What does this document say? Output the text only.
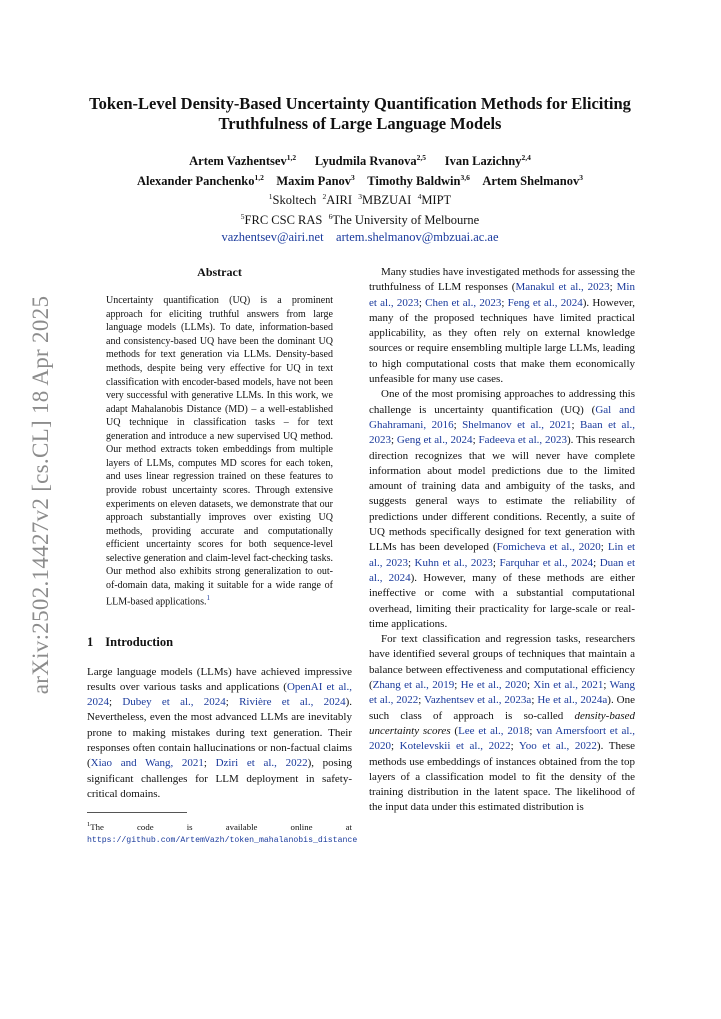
arXiv:2502.14427v2 [cs.CL] 18 Apr 2025
Token-Level Density-Based Uncertainty Quantification Methods for Eliciting Truthfulness of Large Language Models
Artem Vazhentsev$^{1,2}$   Lyudmila Rvanova$^{2,5}$   Ivan Lazichny$^{2,4}$
Alexander Panchenko$^{1,2}$  Maxim Panov$^3$  Timothy Baldwin$^{3,6}$  Artem Shelmanov$^3$
$^1$Skoltech  $^2$AIRI  $^3$MBZUAI  $^4$MIPT
$^5$FRC CSC RAS  $^6$The University of Melbourne
vazhentsev@airi.net  artem.shelmanov@mbzuai.ac.ae
Abstract
Uncertainty quantification (UQ) is a prominent approach for eliciting truthful answers from large language models (LLMs). To date, information-based and consistency-based UQ have been the dominant UQ methods for text generation via LLMs. Density-based methods, despite being very effective for UQ in text classification with encoder-based models, have not been very successful with generative LLMs. In this work, we adapt Mahalanobis Distance (MD) – a well-established UQ technique in classification tasks – for text generation and introduce a new supervised UQ method. Our method extracts token embeddings from multiple layers of LLMs, computes MD scores for each token, and uses linear regression trained on these features to provide robust uncertainty scores. Through extensive experiments on eleven datasets, we demonstrate that our approach substantially improves over existing UQ methods, providing accurate and computationally efficient uncertainty scores for both sequence-level selective generation and claim-level fact-checking tasks. Our method also exhibits strong generalization to out-of-domain data, making it suitable for a wide range of LLM-based applications.$^1$
1 Introduction

Large language models (LLMs) have achieved impressive results over various tasks and applications (OpenAI et al., 2024; Dubey et al., 2024; Rivière et al., 2024). Nevertheless, even the most advanced LLMs are inevitably prone to making mistakes during text generation. Their responses often contain hallucinations or non-factual claims (Xiao and Wang, 2021; Dziri et al., 2022), posing significant challenges for LLM deployment in safety-critical domains.

$^1$The code is available online at https://github.com/ArtemVazh/token_mahalanobis_distance

Many studies have investigated methods for assessing the truthfulness of LLM responses (Manakul et al., 2023; Min et al., 2023; Chen et al., 2023; Feng et al., 2024). However, many of the proposed techniques have limited practical applicability, as they often rely on external knowledge sources or require ensembling multiple large LLMs, leading to high computational costs that make them economically unfeasible for many use cases.

One of the most promising approaches to addressing this challenge is uncertainty quantification (UQ) (Gal and Ghahramani, 2016; Shelmanov et al., 2021; Baan et al., 2023; Geng et al., 2024; Fadeeva et al., 2023). This research direction recognizes that we will never have complete information about model predictions due to the limited amount of training data and ambiguity of the tasks, and suggests general ways to estimate the reliability of predictions under different conditions. Recently, a suite of UQ methods specifically designed for text generation with LLMs has been developed (Fomicheva et al., 2020; Lin et al., 2023; Kuhn et al., 2023; Farquhar et al., 2024; Duan et al., 2024). However, many of these methods are either ineffective or come with a substantial computational overhead, limiting their practicality for large-scale or real-time applications.

For text classification and regression tasks, researchers have identified several groups of techniques that maintain a balance between effectiveness and computational efficiency (Zhang et al., 2019; He et al., 2020; Xin et al., 2021; Wang et al., 2022; Vazhentsev et al., 2023a; He et al., 2024a). One such class of approach is so-called density-based uncertainty scores (Lee et al., 2018; van Amersfoort et al., 2020; Kotelevskii et al., 2022; Yoo et al., 2022). These methods use embeddings of instances obtained from the top layers of a classification model to fit the density of the training distribution in the latent space. The likelihood of the input data under this estimated distribution is
